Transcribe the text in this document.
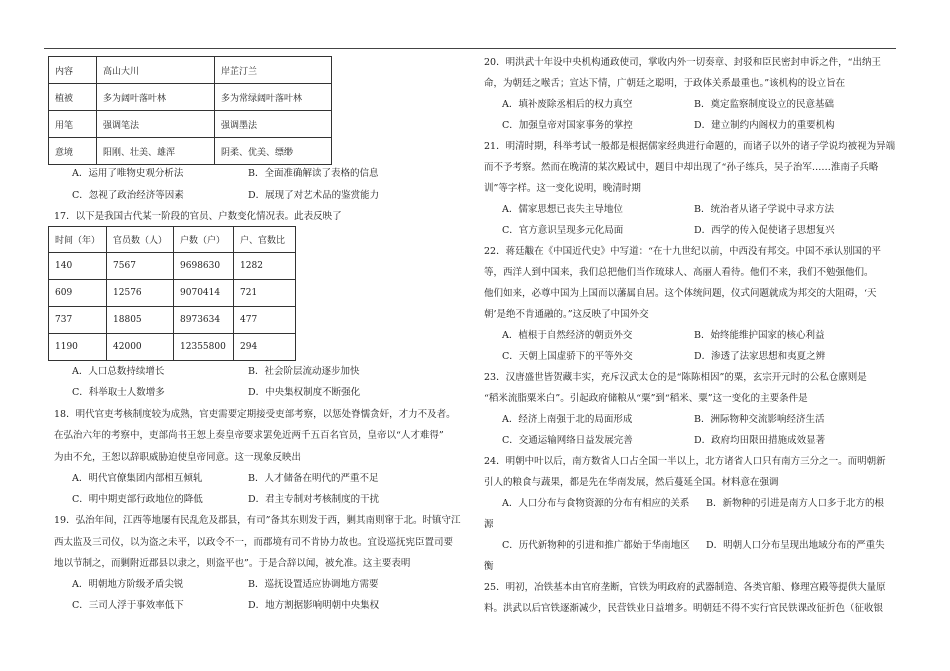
内容	高山大川	岸芷汀兰
植被	多为阔叶落叶林	多为常绿阔叶落叶林
用笔	强调笔法	强调墨法
意境	阳刚、壮美、雄浑	阴柔、优美、缥缈
A．运用了唯物史观分析法	B．全面准确解读了表格的信息
C．忽视了政治经济等因素	D．展现了对艺术品的鉴赏能力
17．以下是我国古代某一阶段的官员、户数变化情况表。此表反映了
时间（年）	官员数（人）	户数（户）	户、官数比
140	7567	9698630	1282
609	12576	9070414	721
737	18805	8973634	477
1190	42000	12355800	294
A．人口总数持续增长	B．社会阶层流动逐步加快
C．科举取士人数增多	D．中央集权制度不断强化
18．明代官吏考核制度较为成熟，官吏需要定期接受吏部考察，以惩处脊懦贪奸，才力不及者。
在弘治六年的考察中，吏部尚书王恕上奏皇帝要求罢免近两千五百名官员，皇帝以“人才难得”
为由不允，王恕以辞职威胁迫使皇帝同意。这一现象反映出
A．明代官僚集团内部相互倾轧	B．人才储备在明代的严重不足
C．明中期吏部行政地位的降低	D．君主专制对考核制度的干扰
19．弘治年间，江西等地屡有民乱危及郡县，有司”备其东则发于西，剿其南则窜于北。时镇守江
西太监及三司仪，以为盗之未平，以政令不一，而郡境有司不肯协力故也。宜设巡抚宪臣置司要
地以节制之，而剿附近郡县以隶之，则盗平也”。于是合辞以闻，被允准。这主要表明
A．明朝地方阶级矛盾尖锐	B．巡抚设置适应协调地方需要
C．三司人浮于事效率低下	D．地方割据影响明朝中央集权
20．明洪武十年设中央机构通政使司，掌收内外一切奏章、封驳和臣民密封申诉之件，“出纳王
命，为朝廷之喉舌；宣达下情，广朝廷之聪明，于政体关系最重也。”该机构的设立旨在
A．填补废除丞相后的权力真空	B．奠定监察制度设立的民意基础
C．加强皇帝对国家事务的掌控	D．建立制约内阁权力的重要机构
21．明清时期，科举考试一般都是根据儒家经典进行命题的，而诸子以外的诸子学说均被视为异端
而不予考察。然而在晚清的某次殿试中，题目中却出现了“孙子练兵，吴子治军……淮南子兵略
训”等字样。这一变化说明，晚清时期
A．儒家思想已丧失主导地位	B．统治者从诸子学说中寻求方法
C．官方意识呈现多元化局面	D．西学的传入促使诸子思想复兴
22．蒋廷黻在《中国近代史》中写道：“在十九世纪以前，中西没有邦交。中国不承认别国的平
等，西洋人到中国来，我们总把他们当作琉球人、高丽人看待。他们不来，我们不勉强他们。
他们如来，必尊中国为上国而以藩属自居。这个体统问题，仪式问题就成为邦交的大阻碍，‘天
朝’是绝不肯通融的。”这反映了中国外交
A．植根于自然经济的朝贡外交	B．始终能维护国家的核心利益
C．天朝上国虚骄下的平等外交	D．渗透了法家思想和夷夏之辨
23．汉唐盛世皆贺藏丰实，充斥汉武太仓的是“陈陈相因”的粟，玄宗开元时的公私仓廪则是
“稻米流脂粟米白”。引起政府储粮从“粟”到“稻米、粟”这一变化的主要条件是
A．经济上南强于北的局面形成	B．洲际物种交流影响经济生活
C．交通运输网络日益发展完善	D．政府均田限田措施成效显著
24．明朝中叶以后，南方数省人口占全国一半以上，北方诸省人口只有南方三分之一。而明朝新
引人的粮食与蔬果，都是先在华南发展，然后蔓延全国。材料意在强调
A．人口分布与食物资源的分布有相应的关系 B．新物种的引进是南方人口多于北方的根
源
C．历代新物种的引进和推广都始于华南地区 D．明朝人口分布呈现出地域分布的严重失
衡
25．明初，冶铁基本由官府垄断，官铁为明政府的武器制造、各类官船、修理宫殿等提供大量原
料。洪武以后官铁逐渐减少，民营铁业日益增多。明朝廷不得不实行官民铁课改征折色（征收银
